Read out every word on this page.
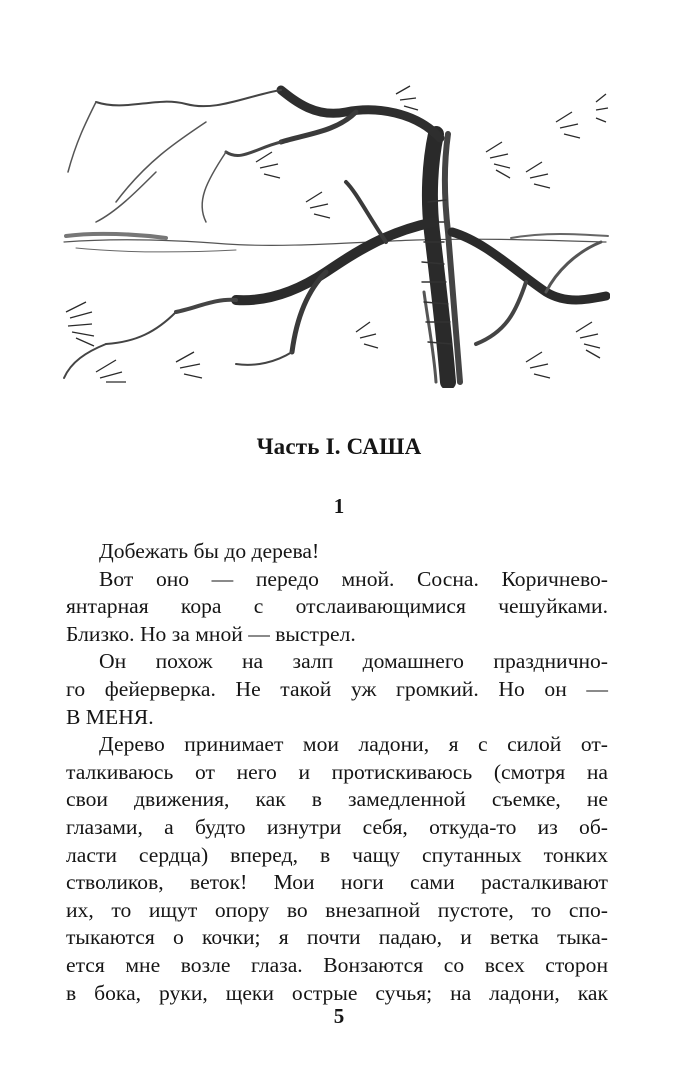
Часть I. САША
1
Добежать бы до дерева!
Вот оно — передо мной. Сосна. Коричнево-
янтарная кора с отслаивающимися чешуйками.
Близко. Но за мной — выстрел.
Он похож на залп домашнего празднично-
го фейерверка. Не такой уж громкий. Но он —
В МЕНЯ.
Дерево принимает мои ладони, я с силой от-
талкиваюсь от него и протискиваюсь (смотря на
свои движения, как в замедленной съемке, не
глазами, а будто изнутри себя, откуда-то из об-
ласти сердца) вперед, в чащу спутанных тонких
стволиков, веток! Мои ноги сами расталкивают
их, то ищут опору во внезапной пустоте, то спо-
тыкаются о кочки; я почти падаю, и ветка тыка-
ется мне возле глаза. Вонзаются со всех сторон
в бока, руки, щеки острые сучья; на ладони, как
5
